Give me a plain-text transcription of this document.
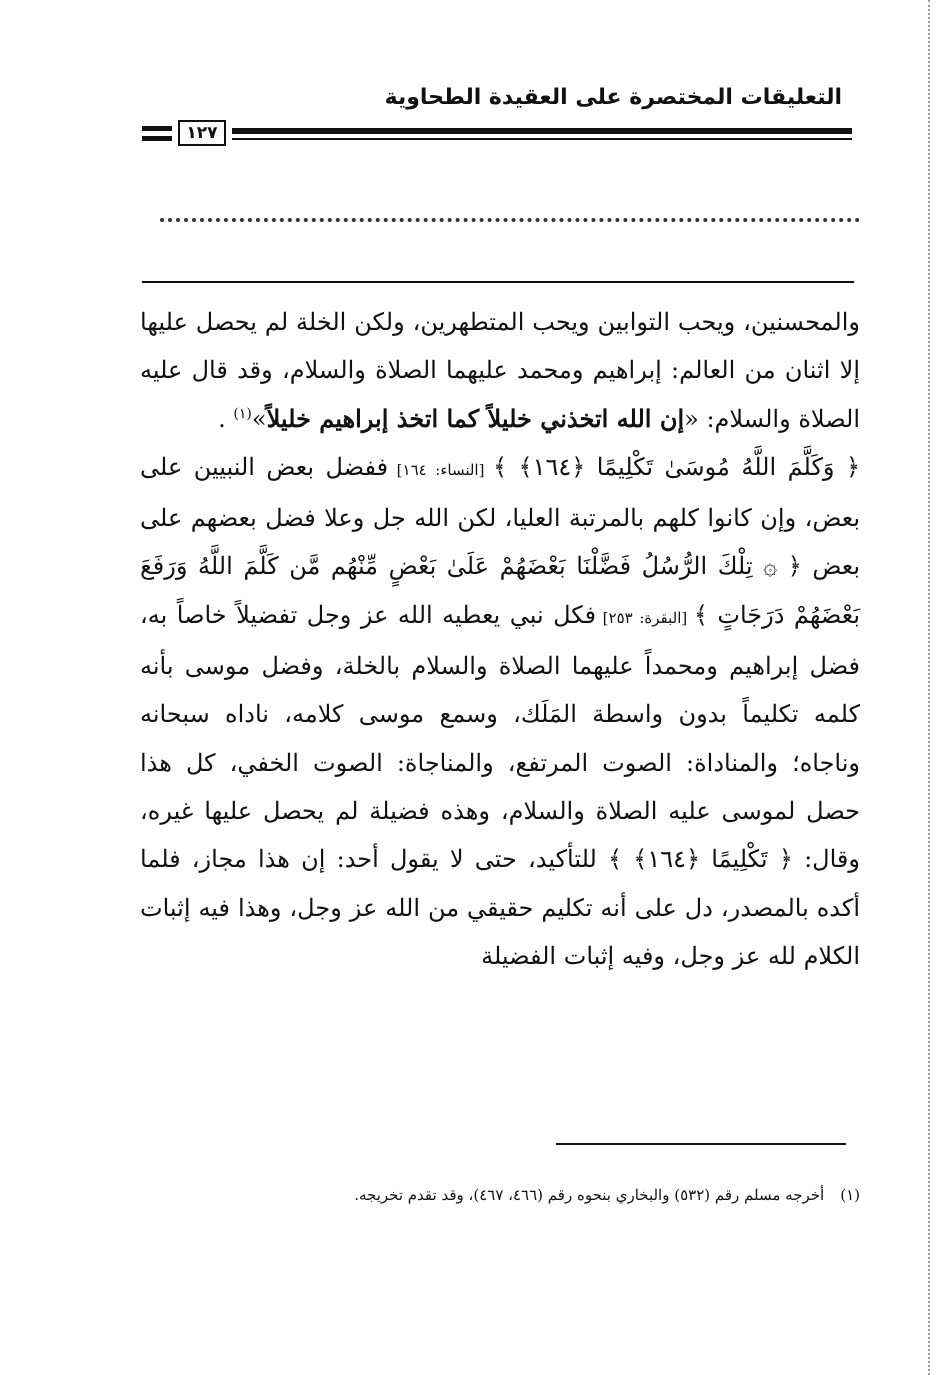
التعليقات المختصرة على العقيدة الطحاوية
١٢٧

والمحسنين، ويحب التوابين ويحب المتطهرين، ولكن الخلة لم يحصل عليها إلا اثنان من العالم: إبراهيم ومحمد عليهما الصلاة والسلام، وقد قال عليه الصلاة والسلام: «إن الله اتخذني خليلاً كما اتخذ إبراهيم خليلاً»$^{(١)}$ .

﴿ وَكَلَّمَ اللَّهُ مُوسَىٰ تَكْلِيمًا ﴿١٦٤﴾ ﴾ [النساء: ١٦٤] ففضل بعض النبيين على بعض، وإن كانوا كلهم بالمرتبة العليا، لكن الله جل وعلا فضل بعضهم على بعض ﴿ ۞ تِلْكَ الرُّسُلُ فَضَّلْنَا بَعْضَهُمْ عَلَىٰ بَعْضٍ مِّنْهُم مَّن كَلَّمَ اللَّهُ وَرَفَعَ بَعْضَهُمْ دَرَجَاتٍ ﴾ [البقرة: ٢٥٣] فكل نبي يعطيه الله عز وجل تفضيلاً خاصاً به، فضل إبراهيم ومحمداً عليهما الصلاة والسلام بالخلة، وفضل موسى بأنه كلمه تكليماً بدون واسطة المَلَك، وسمع موسى كلامه، ناداه سبحانه وناجاه؛ والمناداة: الصوت المرتفع، والمناجاة: الصوت الخفي، كل هذا حصل لموسى عليه الصلاة والسلام، وهذه فضيلة لم يحصل عليها غيره، وقال: ﴿ تَكْلِيمًا ﴿١٦٤﴾ ﴾ للتأكيد، حتى لا يقول أحد: إن هذا مجاز، فلما أكده بالمصدر، دل على أنه تكليم حقيقي من الله عز وجل، وهذا فيه إثبات الكلام لله عز وجل، وفيه إثبات الفضيلة

(١)أخرجه مسلم رقم (٥٣٢) والبخاري بنحوه رقم (٤٦٦، ٤٦٧)، وقد تقدم تخريجه.
